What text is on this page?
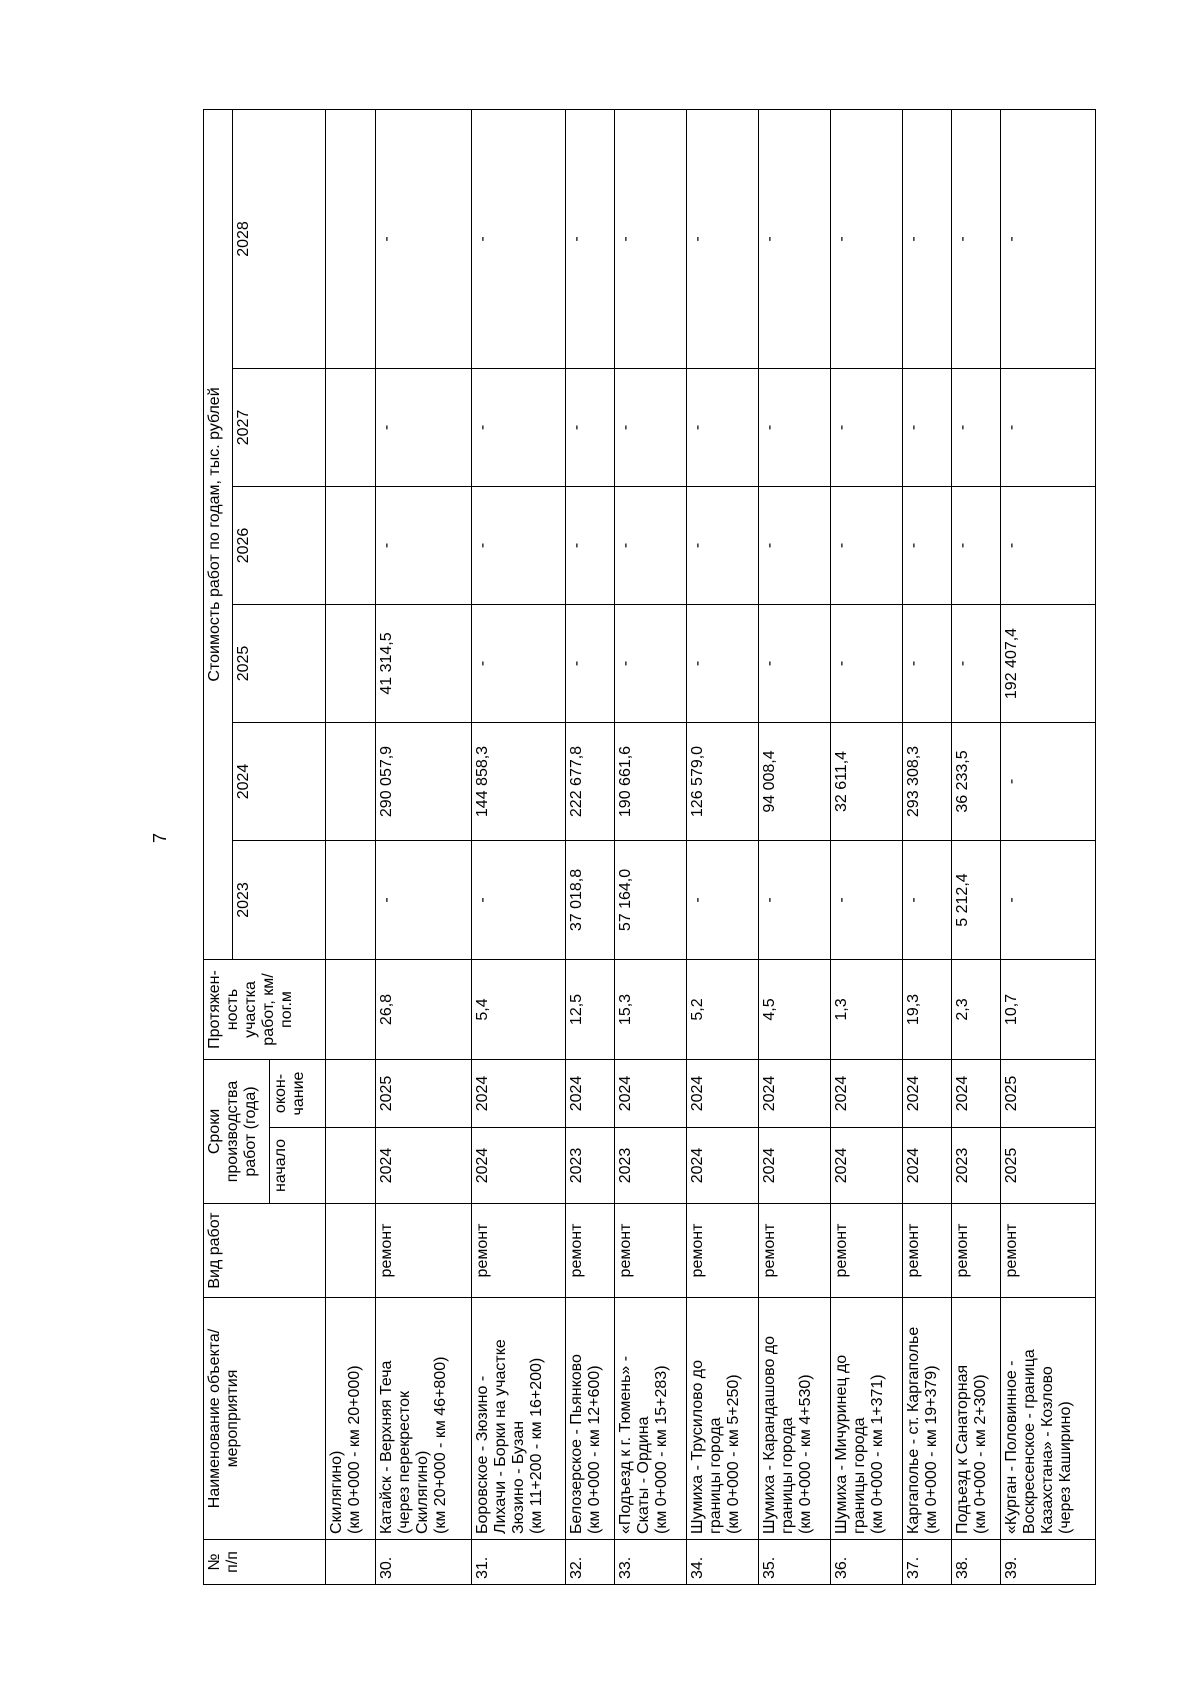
7
№ п/п	Наименование объекта/ мероприятия	Вид работ	Сроки производства работ (года)		Протяжен-ность участка работ, км/пог.м	Стоимость работ по годам, тыс. рублей					
						2023	2024	2025	2026	2027	2028
			начало	окон-чание							

	Скилягино) (км 0+000 - км 20+000)										

30.	Катайск - Верхняя Теча (через перекресток Скилягино) (км 20+000 - км 46+800)	ремонт	2024	2025	26,8	-	290 057,9	41 314,5	-	-	-
31.	Боровское - Зюзино - Лихачи - Борки на участке Зюзино - Бузан (км 11+200 - км 16+200)	ремонт	2024	2024	5,4	-	144 858,3	-	-	-	-
32.	Белозерское - Пьянково (км 0+000 - км 12+600)	ремонт	2023	2024	12,5	37 018,8	222 677,8	-	-	-	-
33.	«Подъезд к г. Тюмень» - Скаты - Ордина (км 0+000 - км 15+283)	ремонт	2023	2024	15,3	57 164,0	190 661,6	-	-	-	-
34.	Шумиха - Трусилово до границы города (км 0+000 - км 5+250)	ремонт	2024	2024	5,2	-	126 579,0	-	-	-	-
35.	Шумиха - Карандашово до границы города (км 0+000 - км 4+530)	ремонт	2024	2024	4,5	-	94 008,4	-	-	-	-
36.	Шумиха - Мичуринец до границы города (км 0+000 - км 1+371)	ремонт	2024	2024	1,3	-	32 611,4	-	-	-	-
37.	Каргаполье - ст. Каргаполье (км 0+000 - км 19+379)	ремонт	2024	2024	19,3	-	293 308,3	-	-	-	-
38.	Подъезд к Санаторная (км 0+000 - км 2+300)	ремонт	2023	2024	2,3	5 212,4	36 233,5	-	-	-	-
39.	«Курган - Половинное - Воскресенское - граница Казахстана» - Козлово (через Каширино)	ремонт	2025	2025	10,7	-	-	192 407,4	-	-	-
